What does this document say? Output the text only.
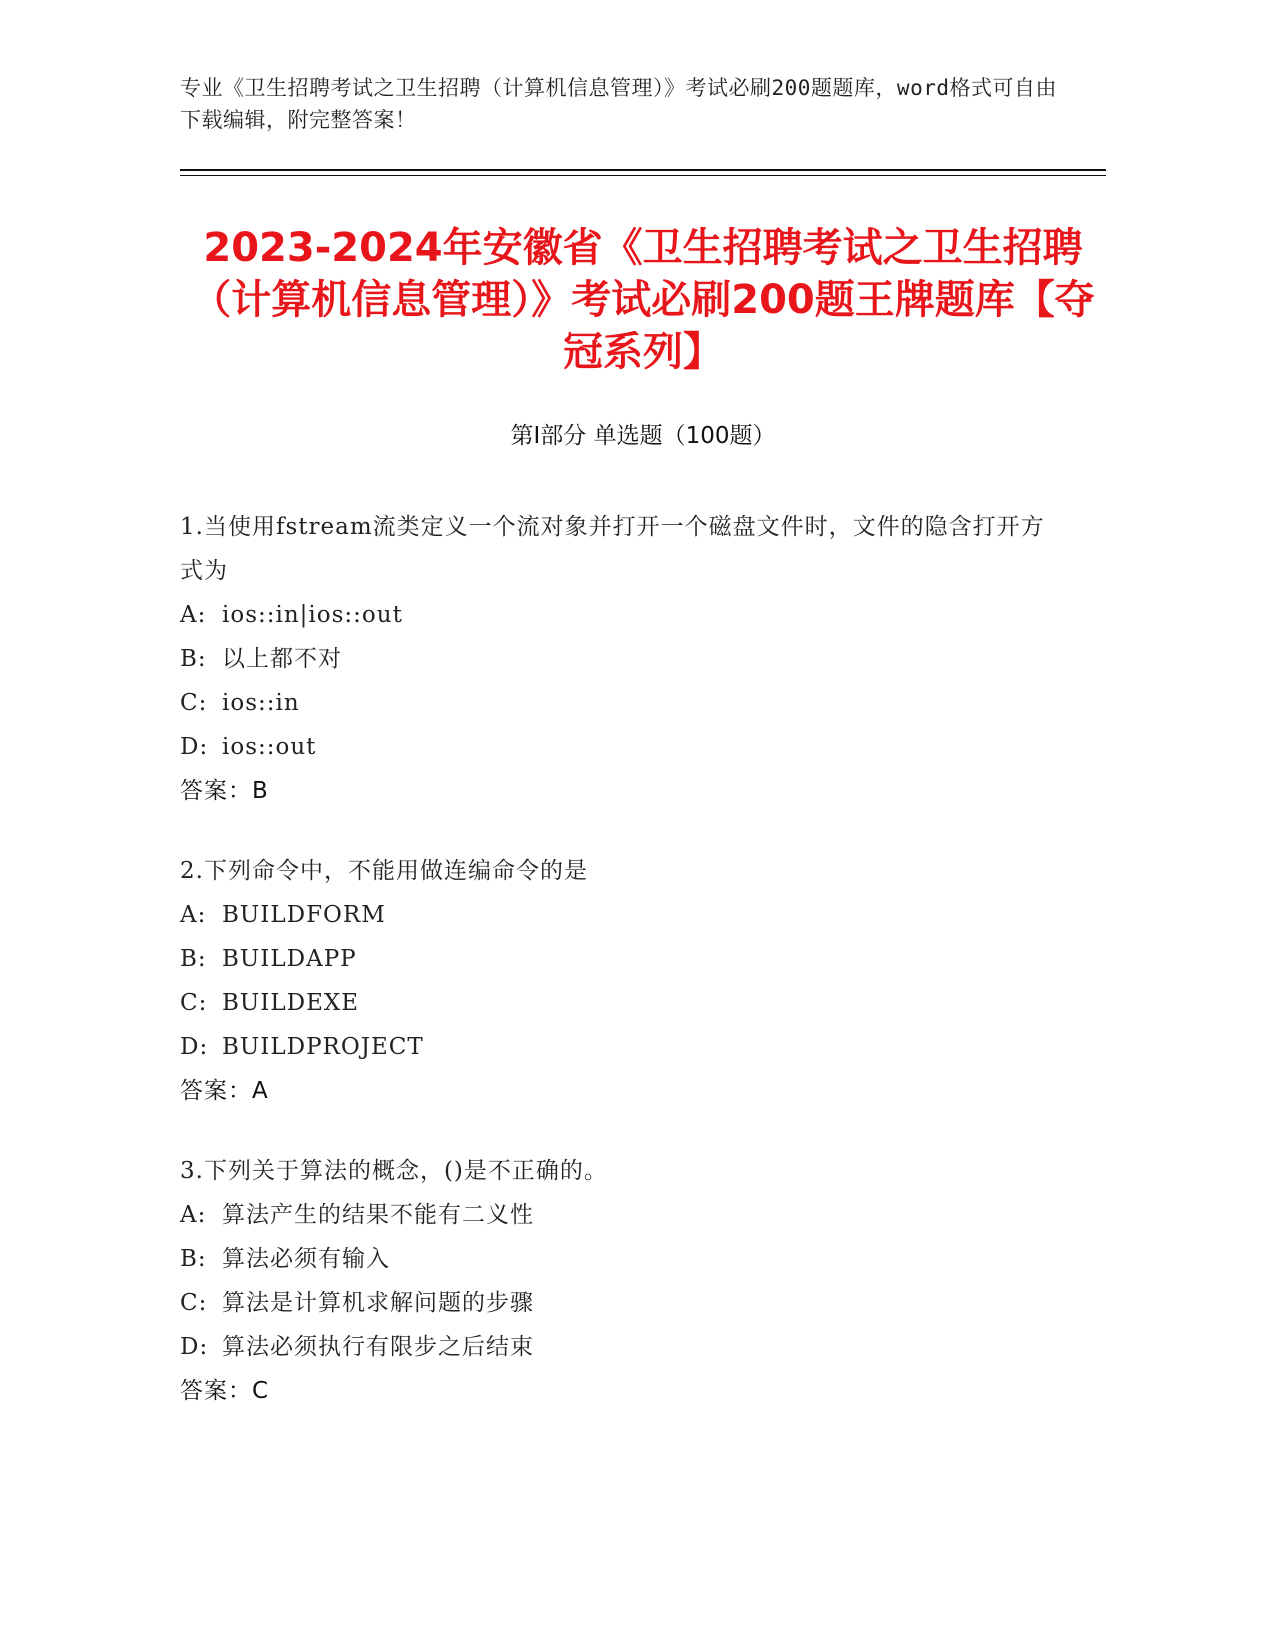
专业《卫生招聘考试之卫生招聘（计算机信息管理）》考试必刷200题题库，word格式可自由下载编辑，附完整答案！
2023-2024年安徽省《卫生招聘考试之卫生招聘（计算机信息管理）》考试必刷200题王牌题库【夺冠系列】
第Ⅰ部分 单选题（100题）
1.当使用fstream流类定义一个流对象并打开一个磁盘文件时，文件的隐含打开方式为
A: ios::in|ios::out
B: 以上都不对
C: ios::in
D: ios::out
答案：B
2.下列命令中，不能用做连编命令的是
A: BUILDFORM
B: BUILDAPP
C: BUILDEXE
D: BUILDPROJECT
答案：A
3.下列关于算法的概念，()是不正确的。
A: 算法产生的结果不能有二义性
B: 算法必须有输入
C: 算法是计算机求解问题的步骤
D: 算法必须执行有限步之后结束
答案：C
